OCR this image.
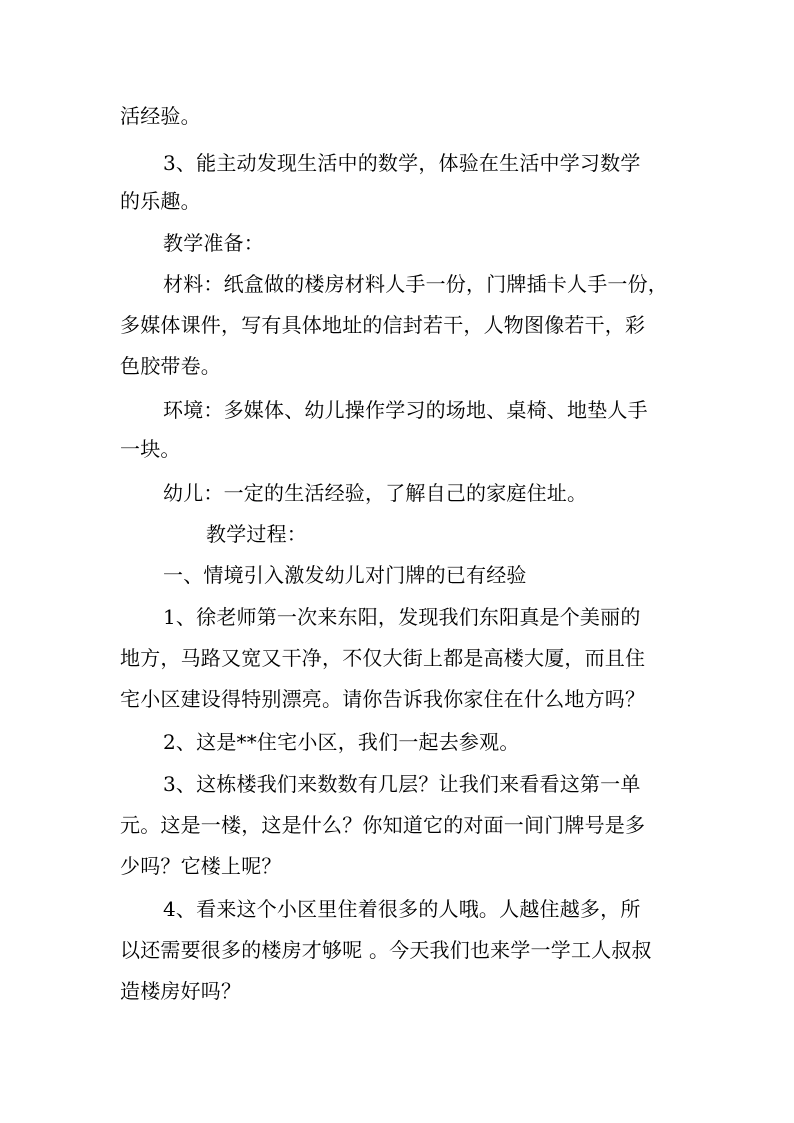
活经验。
3、能主动发现生活中的数学，体验在生活中学习数学
的乐趣。
教学准备：
材料：纸盒做的楼房材料人手一份，门牌插卡人手一份，
多媒体课件，写有具体地址的信封若干，人物图像若干，彩
色胶带卷。
环境：多媒体、幼儿操作学习的场地、桌椅、地垫人手
一块。
幼儿：一定的生活经验，了解自己的家庭住址。
教学过程：
一、情境引入激发幼儿对门牌的已有经验
1、徐老师第一次来东阳，发现我们东阳真是个美丽的
地方，马路又宽又干净，不仅大街上都是高楼大厦，而且住
宅小区建设得特别漂亮。请你告诉我你家住在什么地方吗？
2、这是**住宅小区，我们一起去参观。
3、这栋楼我们来数数有几层？让我们来看看这第一单
元。这是一楼，这是什么？你知道它的对面一间门牌号是多
少吗？它楼上呢？
4、看来这个小区里住着很多的人哦。人越住越多，所
以还需要很多的楼房才够呢 。今天我们也来学一学工人叔叔
造楼房好吗？
